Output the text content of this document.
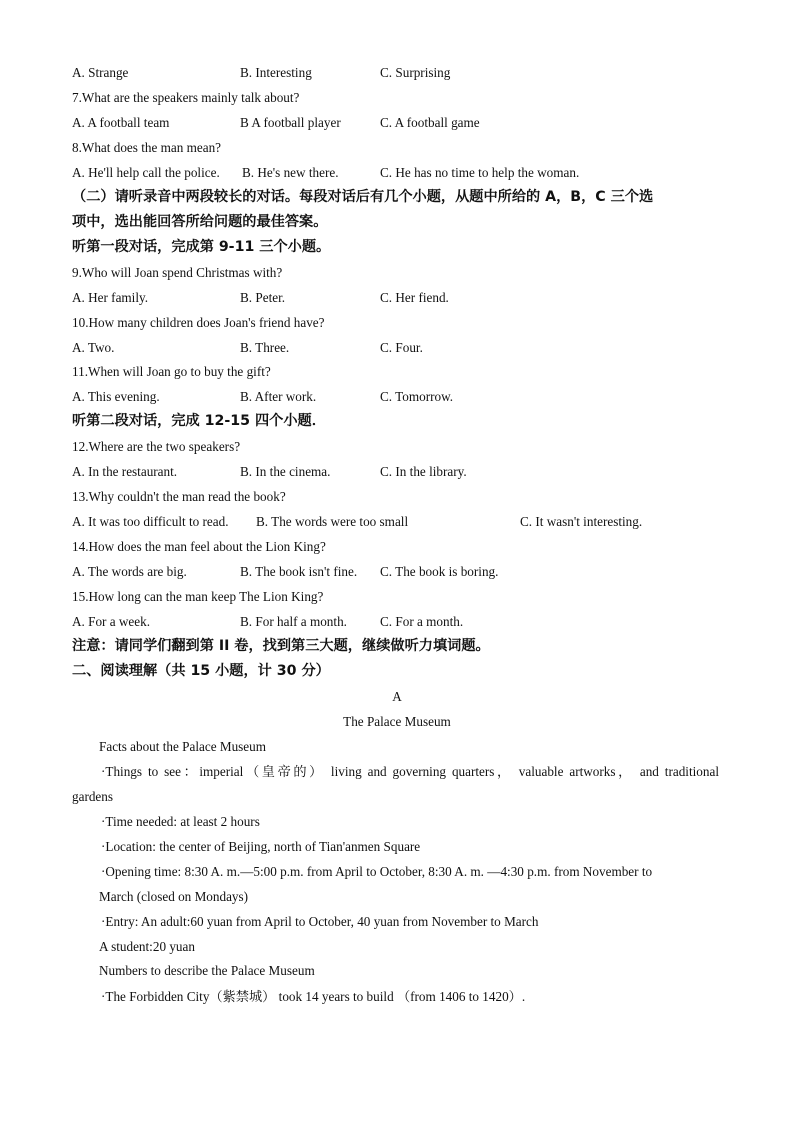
A. Strange	B. Interesting	C. Surprising
7.What are the speakers mainly talk about?
A. A football team	B A football player	C. A football game
8.What does the man mean?
A. He'll help call the police. B. He's new there.	C. He has no time to help the woman.
（二）请听录音中两段较长的对话。每段对话后有几个小题，从题中所给的 A，B，C 三个选
项中，选出能回答所给问题的最佳答案。
听第一段对话，完成第 9-11 三个小题。
9.Who will Joan spend Christmas with?
A. Her family.	B. Peter.	C. Her fiend.
10.How many children does Joan's friend have?
A. Two.	B. Three.	C. Four.
11.When will Joan go to buy the gift?
A. This evening.	B. After work.	C. Tomorrow.
听第二段对话，完成 12-15 四个小题．
12.Where are the two speakers?
A. In the restaurant.	B. In the cinema.	C. In the library.
13.Why couldn't the man read the book?
A. It was too difficult to read. B. The words were too small	C. It wasn't interesting.
14.How does the man feel about the Lion King?
A. The words are big.	B. The book isn't fine. C. The book is boring.
15.How long can the man keep The Lion King?
A. For a week.	B. For half a month.	C. For a month.
注意：请同学们翻到第 II 卷，找到第三大题，继续做听力填词题。
二、阅读理解（共 15 小题，计 30 分）
A
The Palace Museum
Facts about the Palace Museum
·Things to see：imperial（皇帝的） living and governing quarters， valuable artworks， and traditional
gardens
·Time needed: at least 2 hours
·Location: the center of Beijing, north of Tian'anmen Square
·Opening time: 8:30 A. m.—5:00 p.m. from April to October, 8:30 A. m. —4:30 p.m. from November to
March (closed on Mondays)
·Entry: An adult:60 yuan from April to October, 40 yuan from November to March
A student:20 yuan
Numbers to describe the Palace Museum
·The Forbidden City（紫禁城） took 14 years to build （from 1406 to 1420）.
